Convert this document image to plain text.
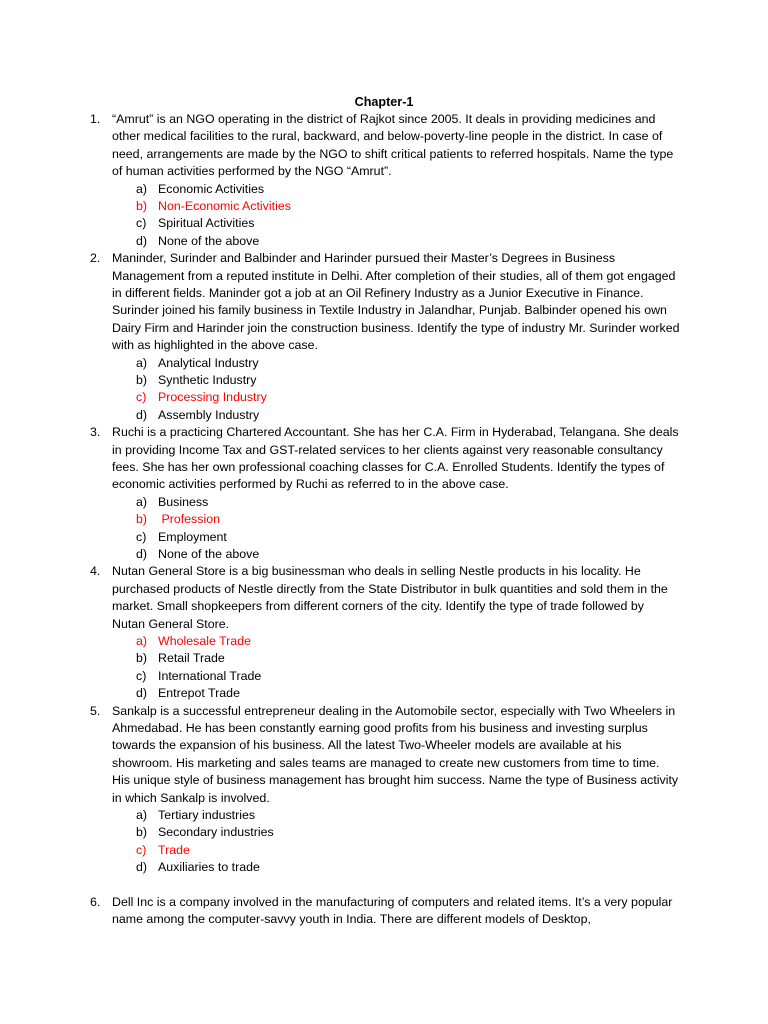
Chapter-1
1. “Amrut” is an NGO operating in the district of Rajkot since 2005. It deals in providing medicines and other medical facilities to the rural, backward, and below-poverty-line people in the district. In case of need, arrangements are made by the NGO to shift critical patients to referred hospitals. Name the type of human activities performed by the NGO “Amrut”.
a) Economic Activities
b) Non-Economic Activities
c) Spiritual Activities
d) None of the above
2. Maninder, Surinder and Balbinder and Harinder pursued their Master’s Degrees in Business Management from a reputed institute in Delhi. After completion of their studies, all of them got engaged in different fields. Maninder got a job at an Oil Refinery Industry as a Junior Executive in Finance. Surinder joined his family business in Textile Industry in Jalandhar, Punjab. Balbinder opened his own Dairy Firm and Harinder join the construction business. Identify the type of industry Mr. Surinder worked with as highlighted in the above case.
a) Analytical Industry
b) Synthetic Industry
c) Processing Industry
d) Assembly Industry
3. Ruchi is a practicing Chartered Accountant. She has her C.A. Firm in Hyderabad, Telangana. She deals in providing Income Tax and GST-related services to her clients against very reasonable consultancy fees. She has her own professional coaching classes for C.A. Enrolled Students. Identify the types of economic activities performed by Ruchi as referred to in the above case.
a) Business
b) Profession
c) Employment
d) None of the above
4. Nutan General Store is a big businessman who deals in selling Nestle products in his locality. He purchased products of Nestle directly from the State Distributor in bulk quantities and sold them in the market. Small shopkeepers from different corners of the city. Identify the type of trade followed by Nutan General Store.
a) Wholesale Trade
b) Retail Trade
c) International Trade
d) Entrepot Trade
5. Sankalp is a successful entrepreneur dealing in the Automobile sector, especially with Two Wheelers in Ahmedabad. He has been constantly earning good profits from his business and investing surplus towards the expansion of his business. All the latest Two-Wheeler models are available at his showroom. His marketing and sales teams are managed to create new customers from time to time. His unique style of business management has brought him success. Name the type of Business activity in which Sankalp is involved.
a) Tertiary industries
b) Secondary industries
c) Trade
d) Auxiliaries to trade
6. Dell Inc is a company involved in the manufacturing of computers and related items. It’s a very popular name among the computer-savvy youth in India. There are different models of Desktop,
